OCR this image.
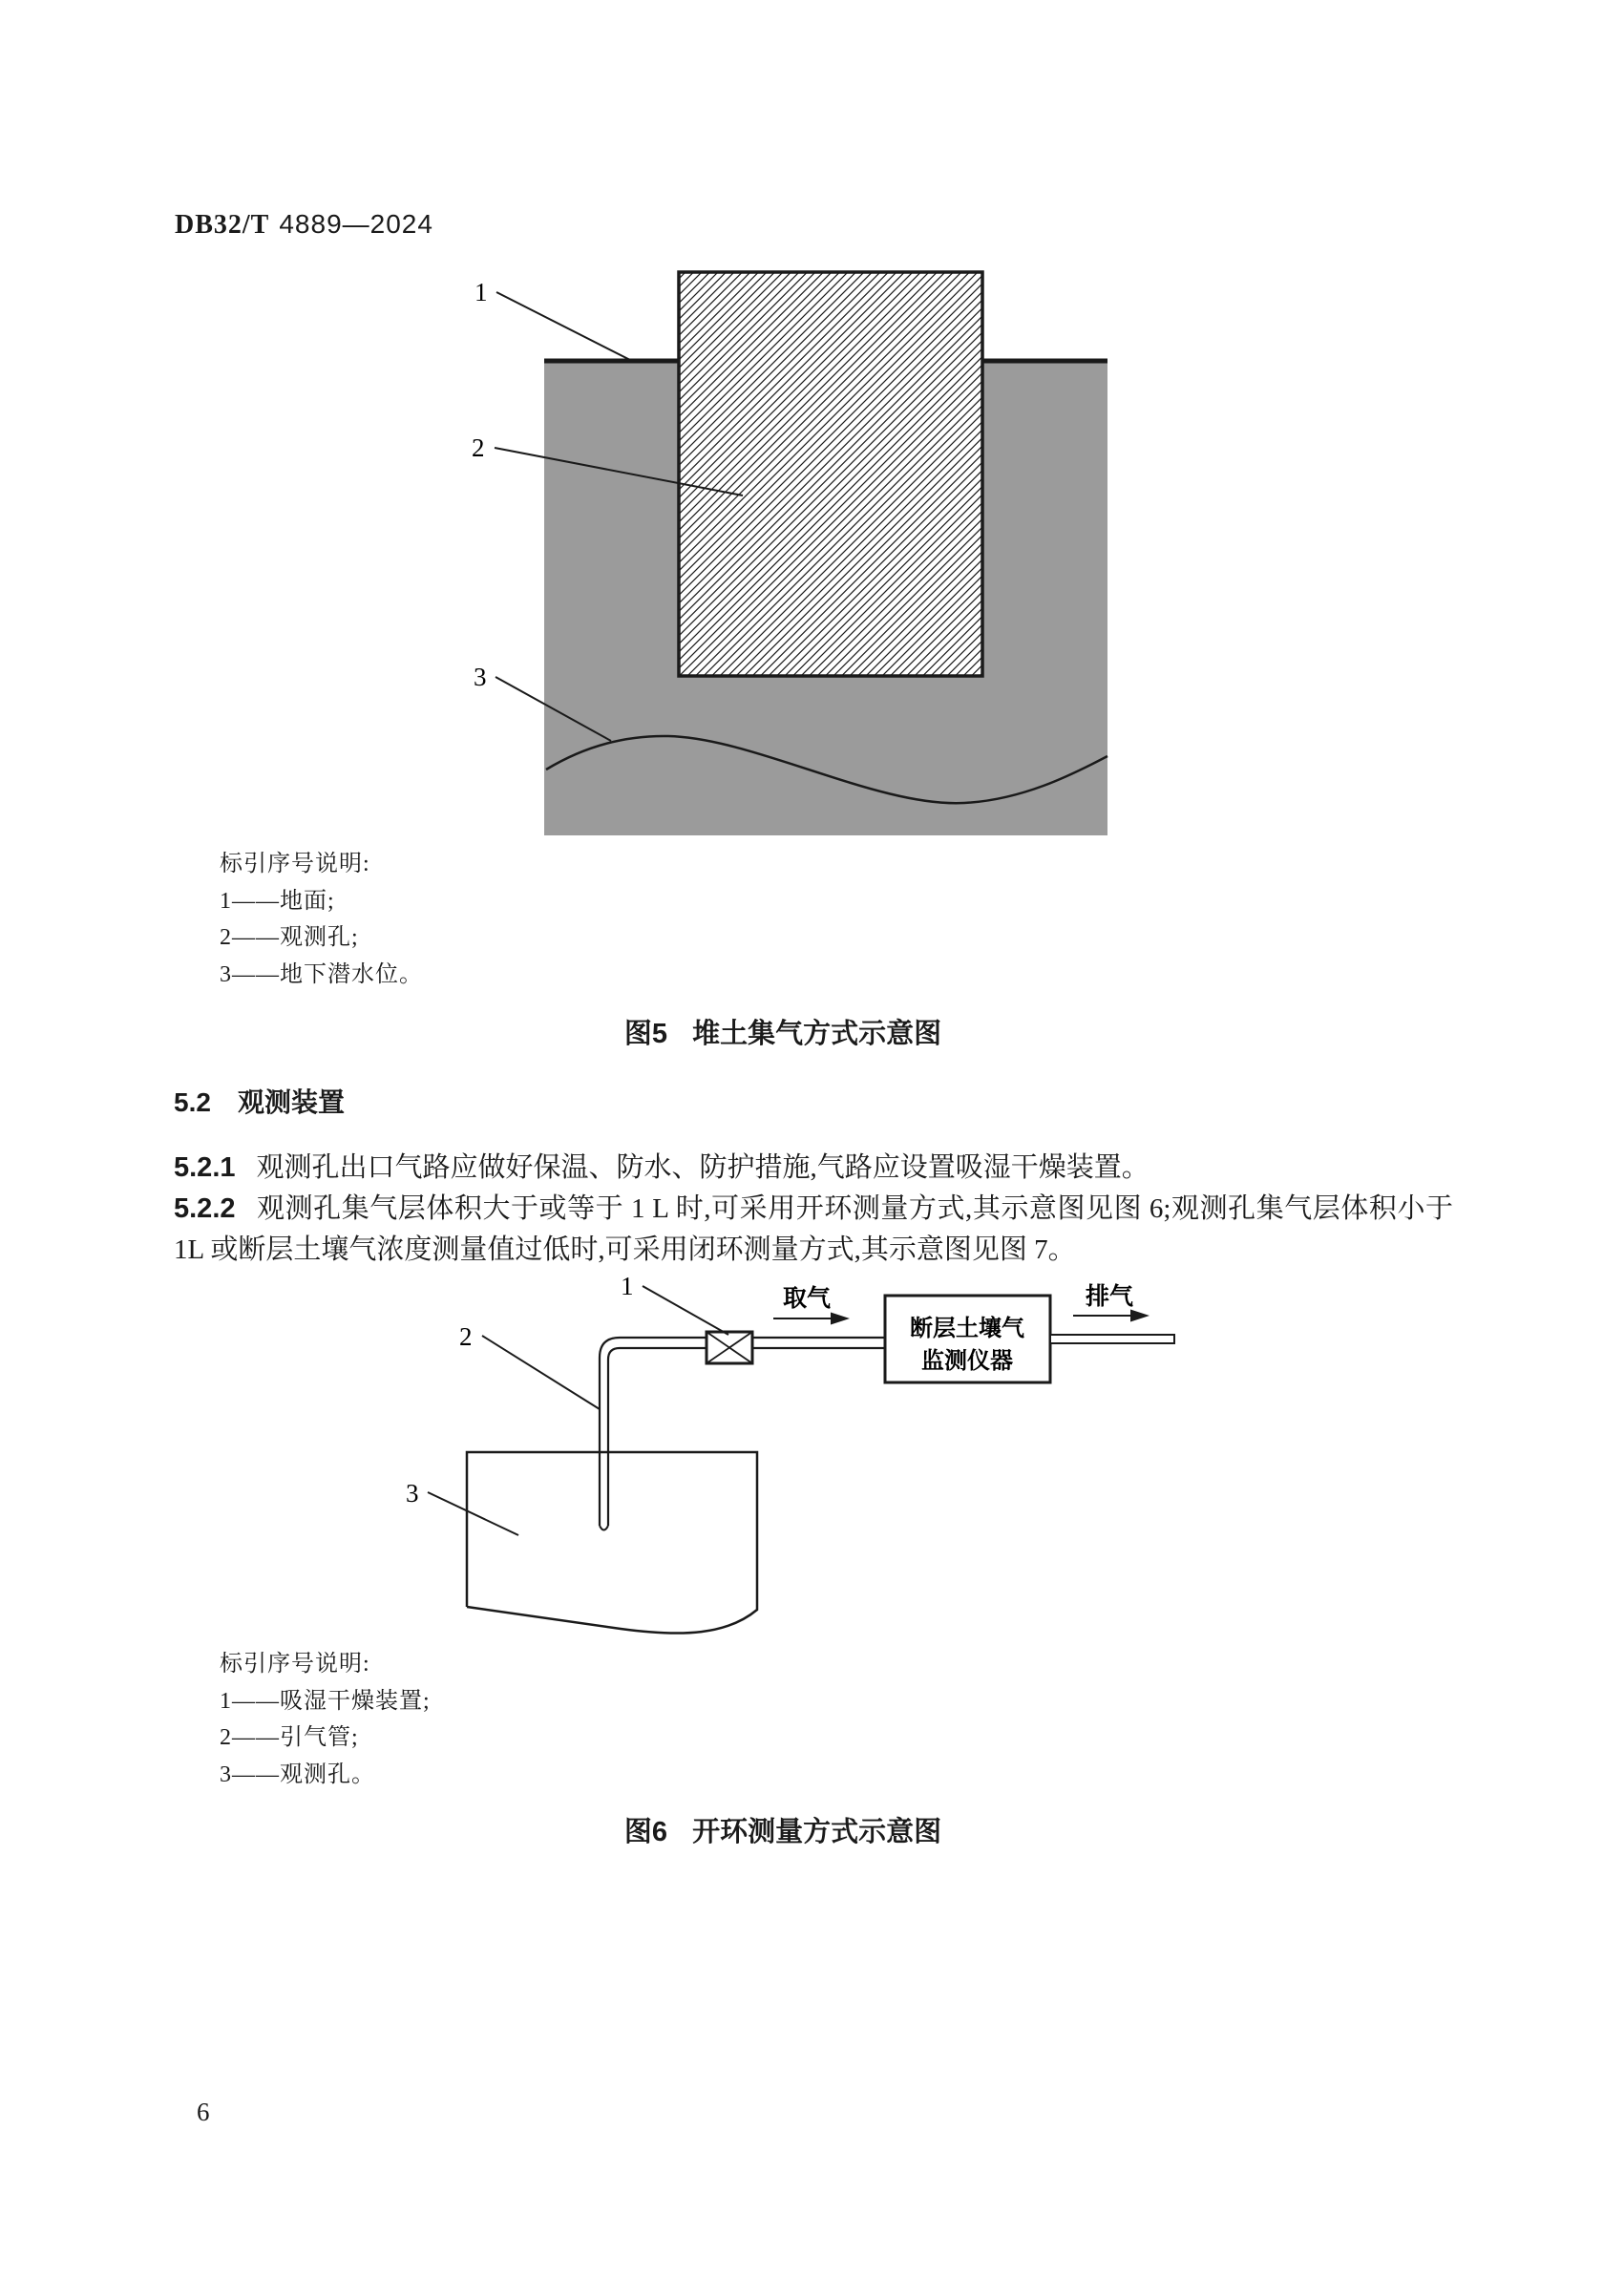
DB32/T 4889—2024
1
2
3
标引序号说明:
1——地面;
2——观测孔;
3——地下潜水位。
图5 堆土集气方式示意图
5.2 观测装置
5.2.1 观测孔出口气路应做好保温、防水、防护措施,气路应设置吸湿干燥装置。
5.2.2 观测孔集气层体积大于或等于 1 L 时,可采用开环测量方式,其示意图见图 6;观测孔集气层体积小于 1L 或断层土壤气浓度测量值过低时,可采用闭环测量方式,其示意图见图 7。
取气
断层土壤气
监测仪器
排气
1
2
3
标引序号说明:
1——吸湿干燥装置;
2——引气管;
3——观测孔。
图6 开环测量方式示意图
6
